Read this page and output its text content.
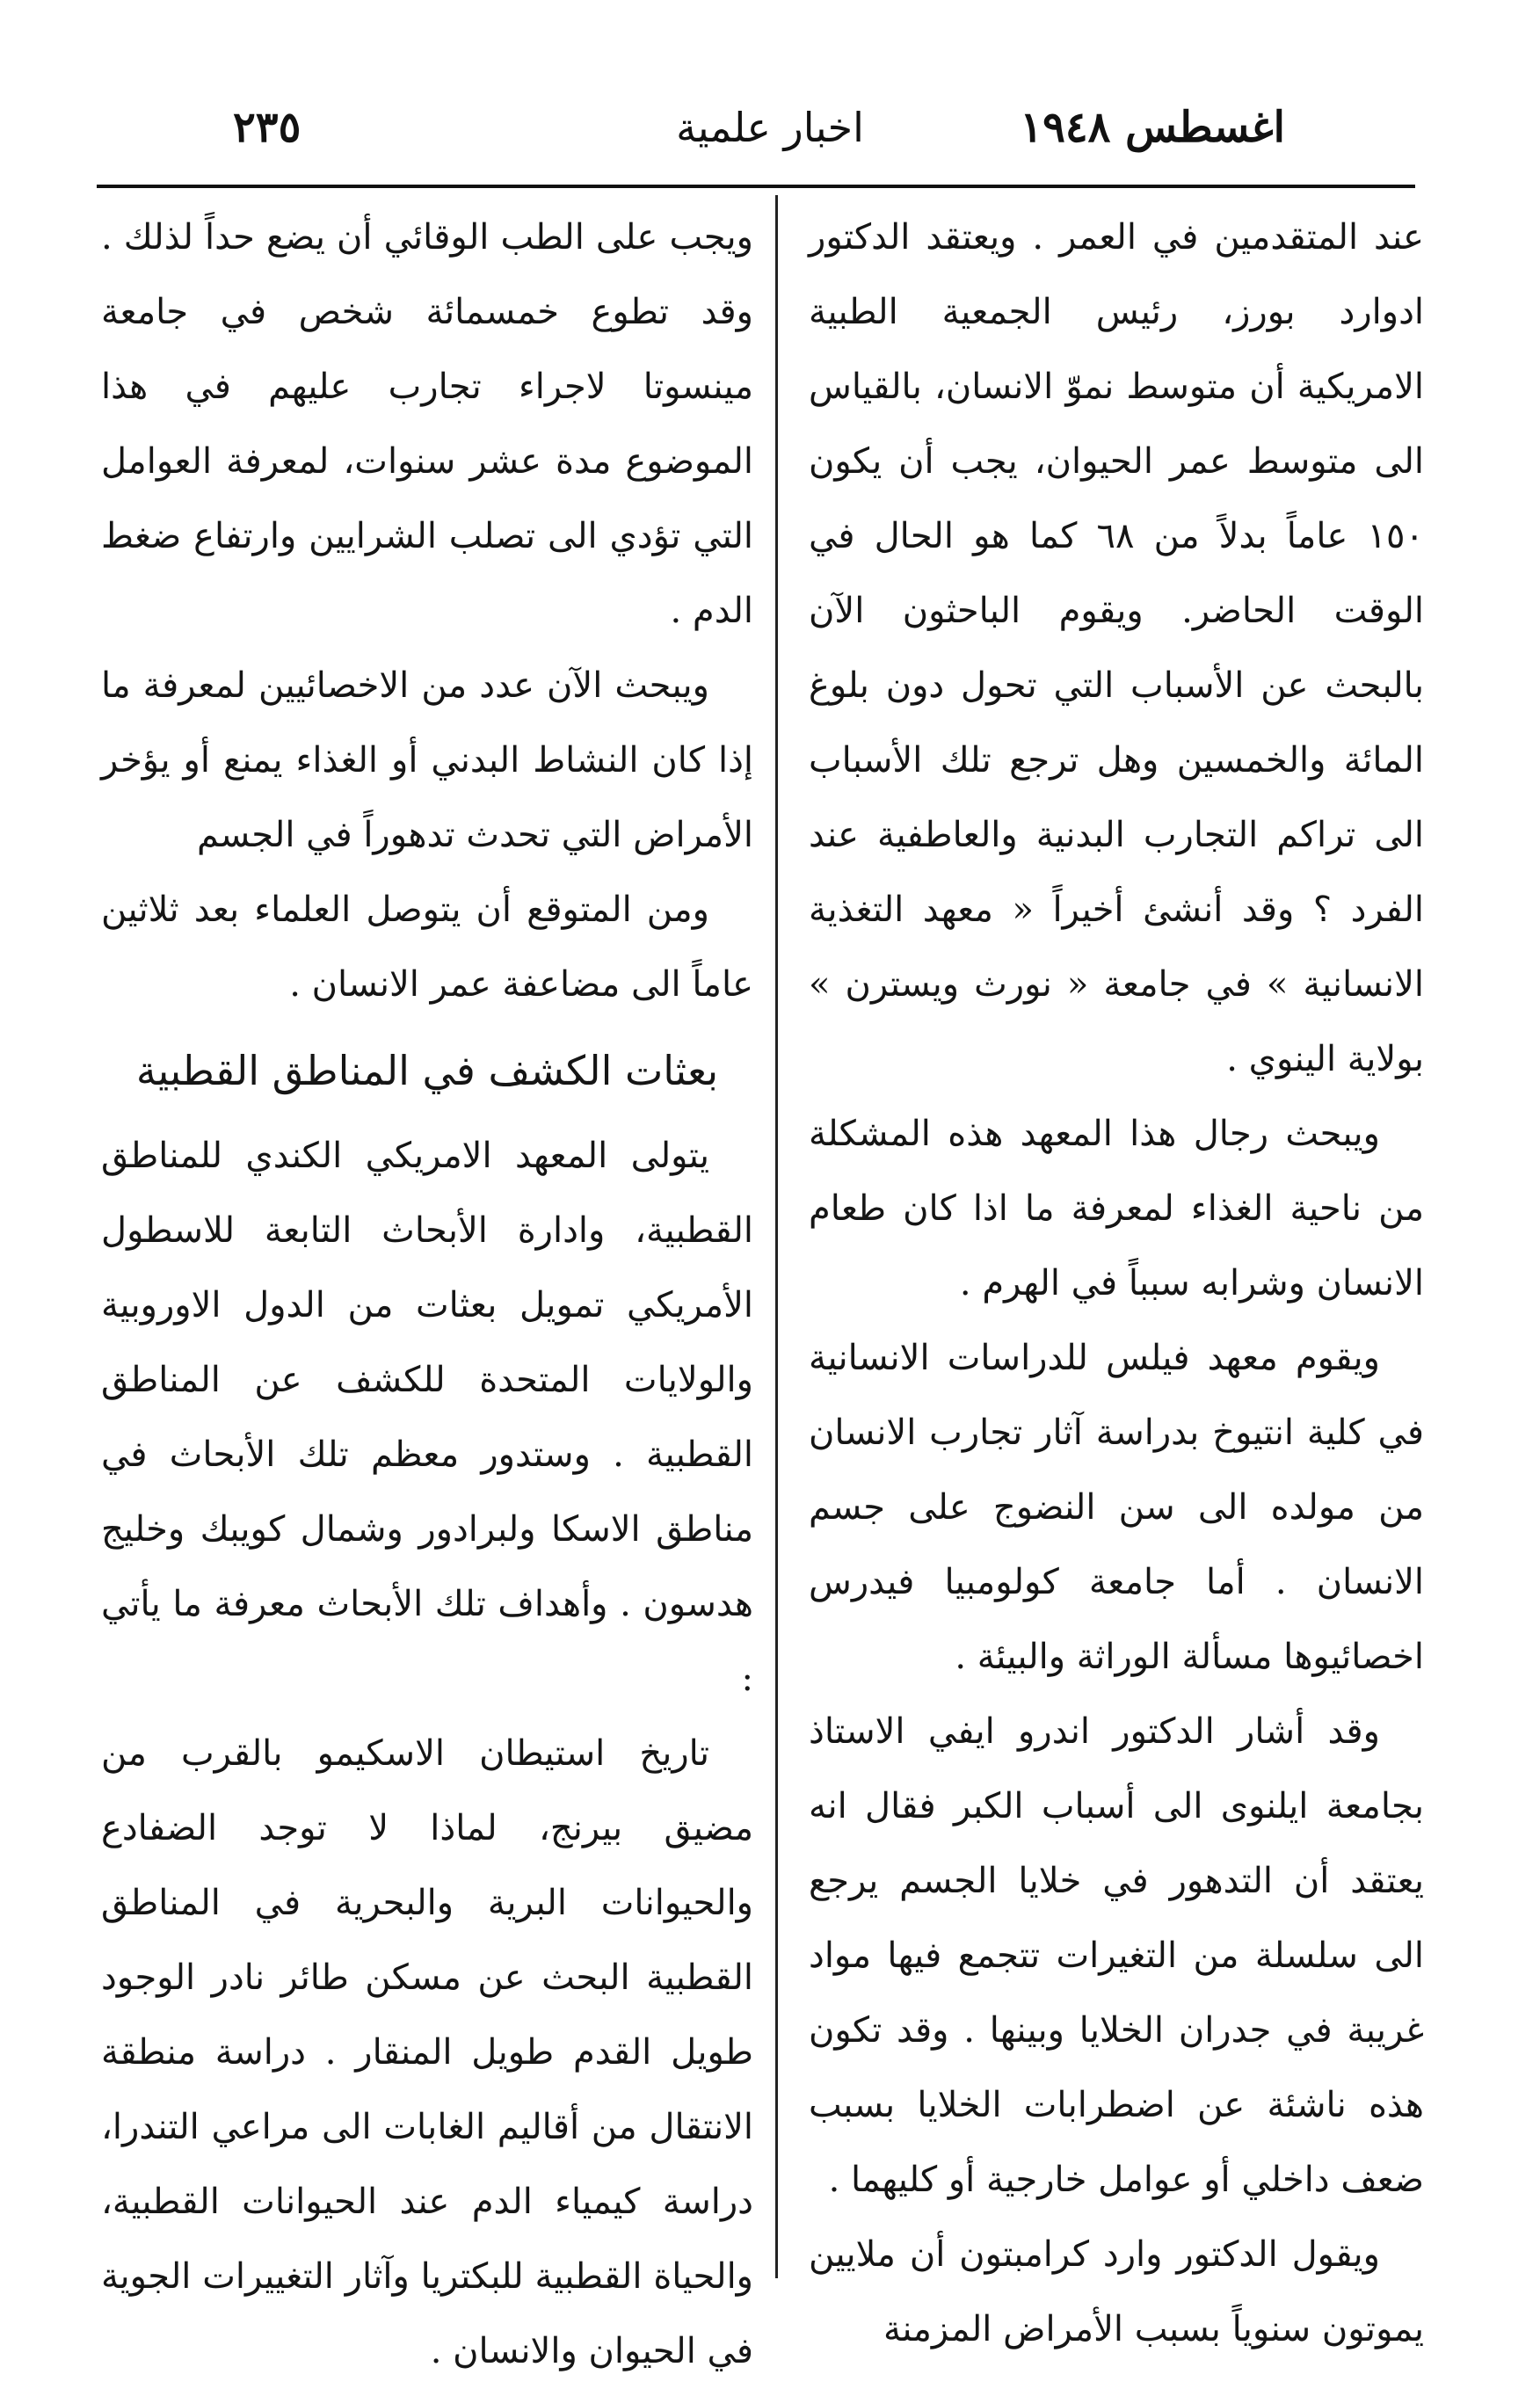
اغسطس ١٩٤٨
اخبار علمية
٢٣٥

عند المتقدمين في العمر . ويعتقد الدكتور ادوارد بورز، رئيس الجمعية الطبية الامريكية أن متوسط نموّ الانسان، بالقياس الى متوسط عمر الحيوان، يجب أن يكون ١٥٠ عاماً بدلاً من ٦٨ كما هو الحال في الوقت الحاضر. ويقوم الباحثون الآن بالبحث عن الأسباب التي تحول دون بلوغ المائة والخمسين وهل ترجع تلك الأسباب الى تراكم التجارب البدنية والعاطفية عند الفرد ؟ وقد أنشئ أخيراً « معهد التغذية الانسانية » في جامعة « نورث ويسترن » بولاية الينوي .

ويبحث رجال هذا المعهد هذه المشكلة من ناحية الغذاء لمعرفة ما اذا كان طعام الانسان وشرابه سبباً في الهرم .

ويقوم معهد فيلس للدراسات الانسانية في كلية انتيوخ بدراسة آثار تجارب الانسان من مولده الى سن النضوج على جسم الانسان . أما جامعة كولومبيا فيدرس اخصائيوها مسألة الوراثة والبيئة .

وقد أشار الدكتور اندرو ايفي الاستاذ بجامعة ايلنوى الى أسباب الكبر فقال انه يعتقد أن التدهور في خلايا الجسم يرجع الى سلسلة من التغيرات تتجمع فيها مواد غريبة في جدران الخلايا وبينها . وقد تكون هذه ناشئة عن اضطرابات الخلايا بسبب ضعف داخلي أو عوامل خارجية أو كليهما .

ويقول الدكتور وارد كرامبتون أن ملايين يموتون سنوياً بسبب الأمراض المزمنة

ويجب على الطب الوقائي أن يضع حداً لذلك . وقد تطوع خمسمائة شخص في جامعة مينسوتا لاجراء تجارب عليهم في هذا الموضوع مدة عشر سنوات، لمعرفة العوامل التي تؤدي الى تصلب الشرايين وارتفاع ضغط الدم .

ويبحث الآن عدد من الاخصائيين لمعرفة ما إذا كان النشاط البدني أو الغذاء يمنع أو يؤخر الأمراض التي تحدث تدهوراً في الجسم

ومن المتوقع أن يتوصل العلماء بعد ثلاثين عاماً الى مضاعفة عمر الانسان .

بعثات الكشف في المناطق القطبية

يتولى المعهد الامريكي الكندي للمناطق القطبية، وادارة الأبحاث التابعة للاسطول الأمريكي تمويل بعثات من الدول الاوروبية والولايات المتحدة للكشف عن المناطق القطبية . وستدور معظم تلك الأبحاث في مناطق الاسكا ولبرادور وشمال كويبك وخليج هدسون . وأهداف تلك الأبحاث معرفة ما يأتي :

تاريخ استيطان الاسكيمو بالقرب من مضيق بيرنج، لماذا لا توجد الضفادع والحيوانات البرية والبحرية في المناطق القطبية البحث عن مسكن طائر نادر الوجود طويل القدم طويل المنقار . دراسة منطقة الانتقال من أقاليم الغابات الى مراعي التندرا، دراسة كيمياء الدم عند الحيوانات القطبية، والحياة القطبية للبكتريا وآثار التغييرات الجوية في الحيوان والانسان .
